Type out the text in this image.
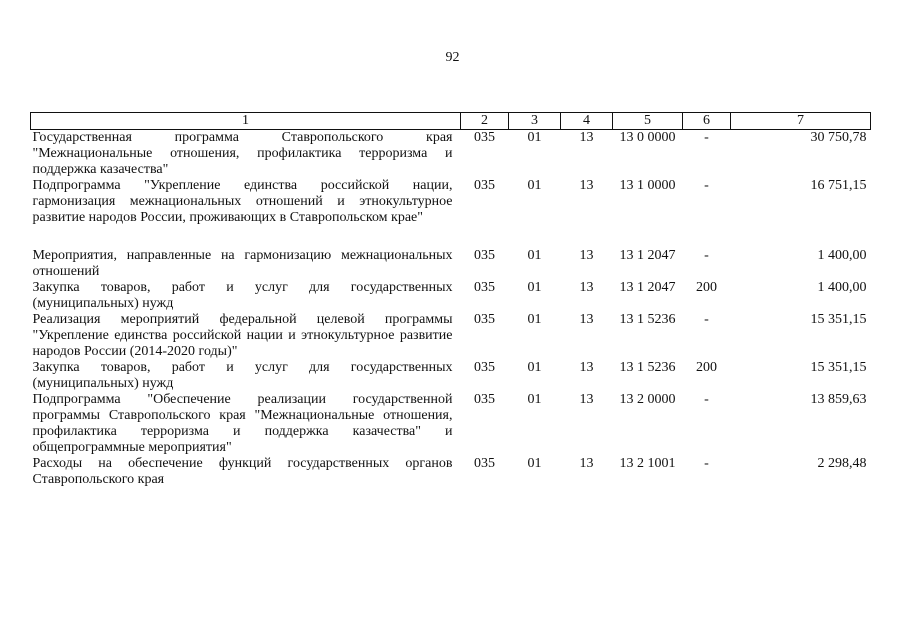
92
1	2	3	4	5	6	7
Государственная программа Ставропольского края "Межнациональные отношения, профилактика терроризма и поддержка казачества"	035	01	13	13 0 0000	-	30 750,78
Подпрограмма "Укрепление единства российской нации, гармонизация межнациональных отношений и этнокультурное развитие народов России, проживающих в Ставропольском крае"	035	01	13	13 1 0000	-	16 751,15
Мероприятия, направленные на гармонизацию межнациональных отношений	035	01	13	13 1 2047	-	1 400,00
Закупка товаров, работ и услуг для государственных (муниципальных) нужд	035	01	13	13 1 2047	200	1 400,00
Реализация мероприятий федеральной целевой программы "Укрепление единства российской нации и этнокультурное развитие народов России (2014-2020 годы)"	035	01	13	13 1 5236	-	15 351,15
Закупка товаров, работ и услуг для государственных (муниципальных) нужд	035	01	13	13 1 5236	200	15 351,15
Подпрограмма "Обеспечение реализации государственной программы Ставропольского края "Межнациональные отношения, профилактика терроризма и поддержка казачества" и общепрограммные мероприятия"	035	01	13	13 2 0000	-	13 859,63
Расходы на обеспечение функций государственных органов Ставропольского края	035	01	13	13 2 1001	-	2 298,48
